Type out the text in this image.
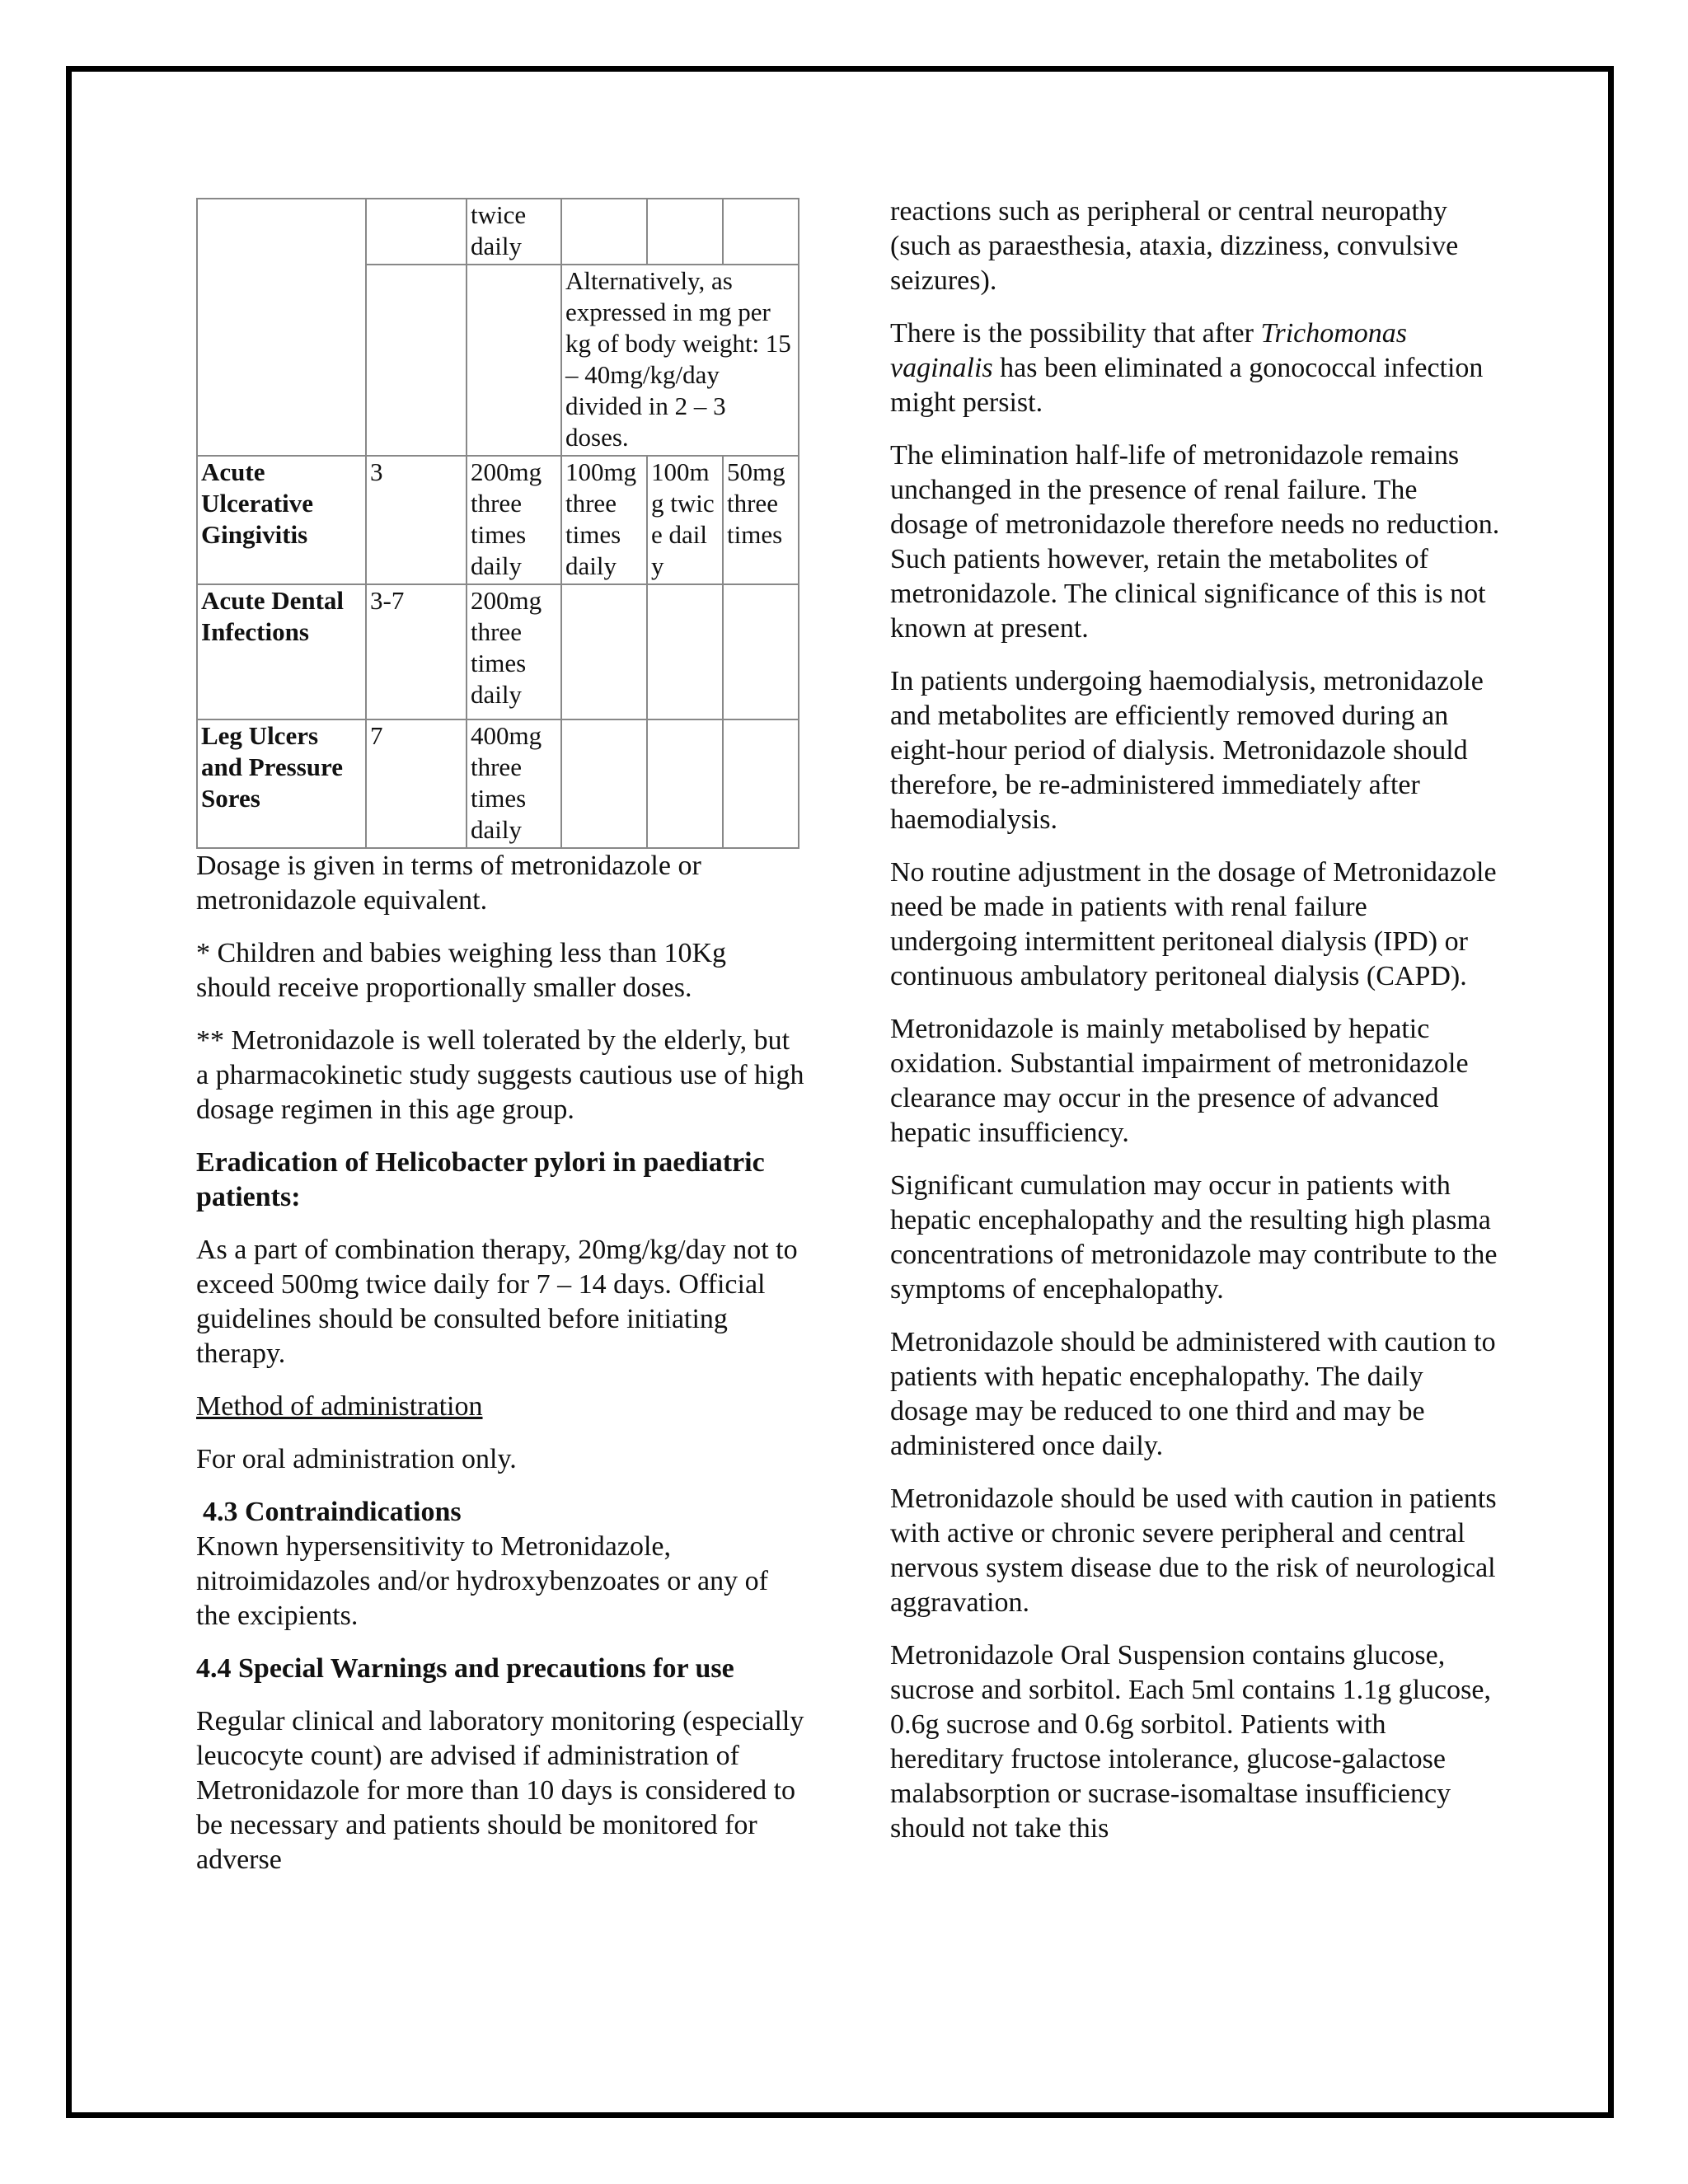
		twice daily			
			Alternatively, as expressed in mg per kg of body weight: 15 – 40mg/kg/day divided in 2 – 3 doses.		
Acute Ulcerative Gingivitis	3	200mg three times daily	100mg three times daily	100mg twice daily	50mg three times
Acute Dental Infections	3-7	200mg three times daily			
Leg Ulcers and Pressure Sores	7	400mg three times daily			

Dosage is given in terms of metronidazole or metronidazole equivalent.

* Children and babies weighing less than 10Kg should receive proportionally smaller doses.

** Metronidazole is well tolerated by the elderly, but a pharmacokinetic study suggests cautious use of high dosage regimen in this age group.

Eradication of Helicobacter pylori in paediatric patients:

As a part of combination therapy, 20mg/kg/day not to exceed 500mg twice daily for 7 – 14 days. Official guidelines should be consulted before initiating therapy.

Method of administration

For oral administration only.

4.3 Contraindications

Known hypersensitivity to Metronidazole, nitroimidazoles and/or hydroxybenzoates or any of the excipients.

4.4 Special Warnings and precautions for use

Regular clinical and laboratory monitoring (especially leucocyte count) are advised if administration of Metronidazole for more than 10 days is considered to be necessary and patients should be monitored for adverse

reactions such as peripheral or central neuropathy (such as paraesthesia, ataxia, dizziness, convulsive seizures).

There is the possibility that after Trichomonas vaginalis has been eliminated a gonococcal infection might persist.

The elimination half-life of metronidazole remains unchanged in the presence of renal failure. The dosage of metronidazole therefore needs no reduction. Such patients however, retain the metabolites of metronidazole. The clinical significance of this is not known at present.

In patients undergoing haemodialysis, metronidazole and metabolites are efficiently removed during an eight-hour period of dialysis. Metronidazole should therefore, be re-administered immediately after haemodialysis.

No routine adjustment in the dosage of Metronidazole need be made in patients with renal failure undergoing intermittent peritoneal dialysis (IPD) or continuous ambulatory peritoneal dialysis (CAPD).

Metronidazole is mainly metabolised by hepatic oxidation. Substantial impairment of metronidazole clearance may occur in the presence of advanced hepatic insufficiency.

Significant cumulation may occur in patients with hepatic encephalopathy and the resulting high plasma concentrations of metronidazole may contribute to the symptoms of encephalopathy.

Metronidazole should be administered with caution to patients with hepatic encephalopathy. The daily dosage may be reduced to one third and may be administered once daily.

Metronidazole should be used with caution in patients with active or chronic severe peripheral and central nervous system disease due to the risk of neurological aggravation.

Metronidazole Oral Suspension contains glucose, sucrose and sorbitol. Each 5ml contains 1.1g glucose, 0.6g sucrose and 0.6g sorbitol. Patients with hereditary fructose intolerance, glucose-galactose malabsorption or sucrase-isomaltase insufficiency should not take this
